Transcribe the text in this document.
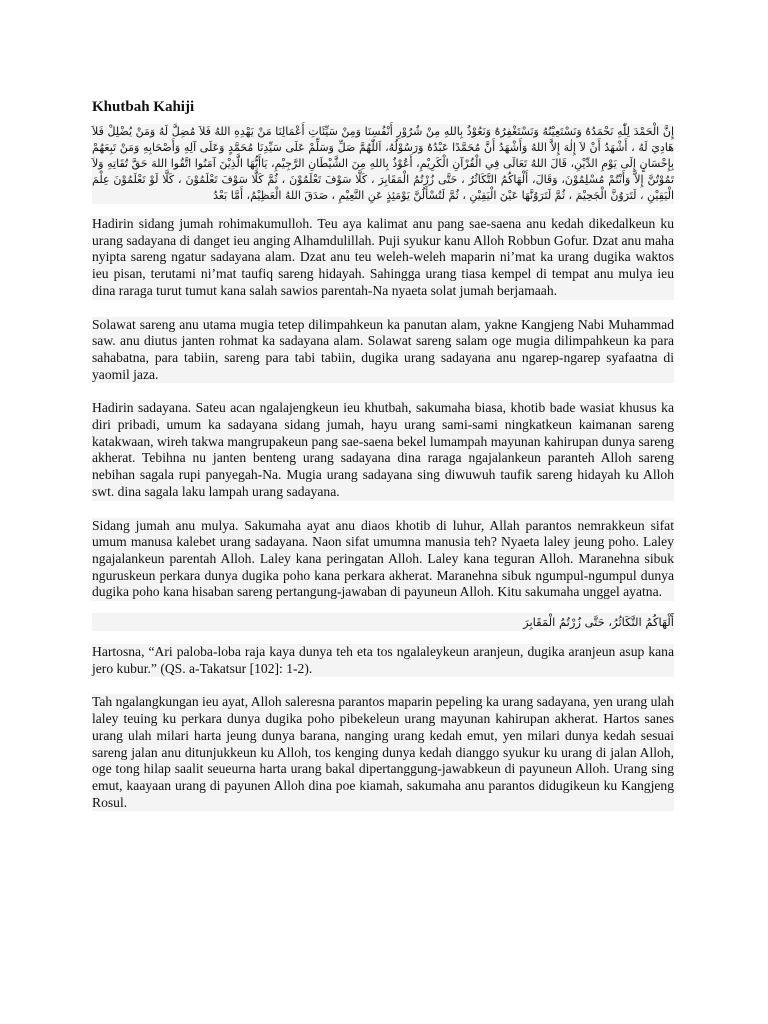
Khutbah Kahiji

إِنَّ الْحَمْدَ لِلّٰهِ نَحْمَدُهُ وَنَسْتَعِيْنُهُ وَنَسْتَغْفِرُهُ وَنَعُوْذُ بِاللهِ مِنْ شُرُوْرِ أَنْفُسِنَا وَمِنْ سَيِّئَاتِ أَعْمَالِنَا مَنْ يَهْدِهِ اللهُ فَلاَ مُضِلَّ لَهُ وَمَنْ يُضْلِلْ فَلاَ هَادِيَ لَهُ ، أَشْهَدُ أَنْ لاَ إِلٰهَ إِلاَّ اللهُ وَأَشْهَدُ أَنَّ مُحَمَّدًا عَبْدُهُ وَرَسُوْلُهُ، اَللّٰهُمَّ صَلِّ وَسَلِّمْ عَلَى سَيِّدِنَا مُحَمَّدٍ وَعَلَى آلِهِ وَأَصْحَابِهِ وَمَنْ تَبِعَهُمْ بِإِحْسَانٍ إِلَى يَوْمِ الدِّيْنِ، قَالَ اللهُ تَعَالَى فِي الْقُرْآنِ الْكَرِيْمِ، أَعُوْذُ بِاللهِ مِنَ الشَّيْطَانِ الرَّجِيْمِ، يَاأَيُّهَا الَّذِيْنَ آمَنُوا اتَّقُوا اللهَ حَقَّ تُقَاتِهِ وَلاَ تَمُوْتُنَّ إِلاَّ وَأَنْتُمْ مُسْلِمُوْنَ، وَقَالَ، أَلْهَاكُمُ التَّكَاثُرُ ، حَتَّى زُرْتُمُ الْمَقَابِرَ ، كَلَّا سَوْفَ تَعْلَمُوْنَ ، ثُمَّ كَلَّا سَوْفَ تَعْلَمُوْنَ ، كَلَّا لَوْ تَعْلَمُوْنَ عِلْمَ الْيَقِيْنِ ، لَتَرَوُنَّ الْجَحِيْمَ ، ثُمَّ لَتَرَوُنَّهَا عَيْنَ الْيَقِيْنِ ، ثُمَّ لَتُسْأَلُنَّ يَوْمَئِذٍ عَنِ النَّعِيْمِ ، صَدَقَ اللهُ الْعَظِيْمُ، أَمَّا بَعْدُ

Hadirin sidang jumah rohimakumulloh. Teu aya kalimat anu pang sae-saena anu kedah dikedalkeun ku urang sadayana di danget ieu anging Alhamdulillah. Puji syukur kanu Alloh Robbun Gofur. Dzat anu maha nyipta sareng ngatur sadayana alam. Dzat anu teu weleh-weleh maparin ni’mat ka urang dugika waktos ieu pisan, terutami ni’mat taufiq sareng hidayah. Sahingga urang tiasa kempel di tempat anu mulya ieu dina raraga turut tumut kana salah sawios parentah-Na nyaeta solat jumah berjamaah.

Solawat sareng anu utama mugia tetep dilimpahkeun ka panutan alam, yakne Kangjeng Nabi Muhammad saw. anu diutus janten rohmat ka sadayana alam. Solawat sareng salam oge mugia dilimpahkeun ka para sahabatna, para tabiin, sareng para tabi tabiin, dugika urang sadayana anu ngarep-ngarep syafaatna di yaomil jaza.

Hadirin sadayana. Sateu acan ngalajengkeun ieu khutbah, sakumaha biasa, khotib bade wasiat khusus ka diri pribadi, umum ka sadayana sidang jumah, hayu urang sami-sami ningkatkeun kaimanan sareng katakwaan, wireh takwa mangrupakeun pang sae-saena bekel lumampah mayunan kahirupan dunya sareng akherat. Tebihna nu janten benteng urang sadayana dina raraga ngajalankeun paranteh Alloh sareng nebihan sagala rupi panyegah-Na. Mugia urang sadayana sing diwuwuh taufik sareng hidayah ku Alloh swt. dina sagala laku lampah urang sadayana.

Sidang jumah anu mulya. Sakumaha ayat anu diaos khotib di luhur, Allah parantos nemrakkeun sifat umum manusa kalebet urang sadayana. Naon sifat umumna manusia teh? Nyaeta laley jeung poho. Laley ngajalankeun parentah Alloh. Laley kana peringatan Alloh. Laley kana teguran Alloh. Maranehna sibuk nguruskeun perkara dunya dugika poho kana perkara akherat. Maranehna sibuk ngumpul-ngumpul dunya dugika poho kana hisaban sareng pertangung-jawaban di payuneun Alloh. Kitu sakumaha unggel ayatna.

أَلْهَاكُمُ التَّكَاثُرُ، حَتَّى زُرْتُمُ الْمَقَابِرَ

Hartosna, “Ari paloba-loba raja kaya dunya teh eta tos ngalaleykeun aranjeun, dugika aranjeun asup kana jero kubur.” (QS. a-Takatsur [102]: 1-2).

Tah ngalangkungan ieu ayat, Alloh saleresna parantos maparin pepeling ka urang sadayana, yen urang ulah laley teuing ku perkara dunya dugika poho pibekeleun urang mayunan kahirupan akherat. Hartos sanes urang ulah milari harta jeung dunya barana, nanging urang kedah emut, yen milari dunya kedah sesuai sareng jalan anu ditunjukkeun ku Alloh, tos kenging dunya kedah dianggo syukur ku urang di jalan Alloh, oge tong hilap saalit seueurna harta urang bakal dipertanggung-jawabkeun di payuneun Alloh. Urang sing emut, kaayaan urang di payunen Alloh dina poe kiamah, sakumaha anu parantos didugikeun ku Kangjeng Rosul.
